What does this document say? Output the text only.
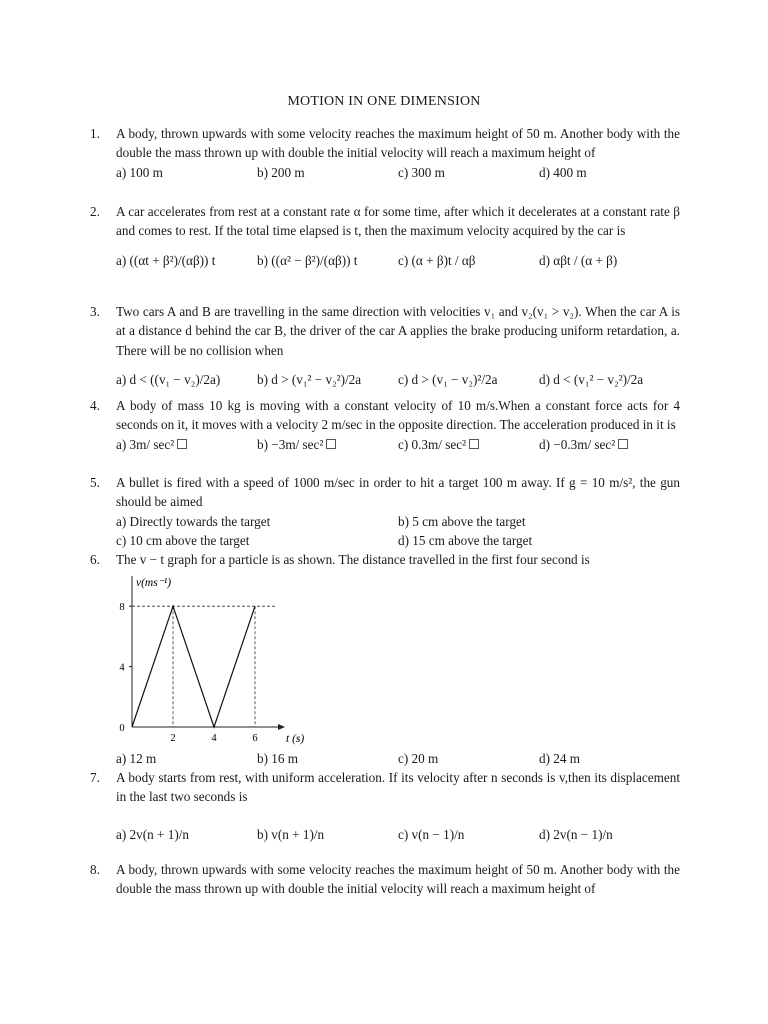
MOTION IN ONE DIMENSION
1. A body, thrown upwards with some velocity reaches the maximum height of 50 m. Another body with the double the mass thrown up with double the initial velocity will reach a maximum height of
a) 100 m	b) 200 m	c) 300 m	d) 400 m
2. A car accelerates from rest at a constant rate α for some time, after which it decelerates at a constant rate β and comes to rest. If the total time elapsed is t, then the maximum velocity acquired by the car is
a) ((αt + β²)/(αβ)) t	b) ((α² − β²)/(αβ)) t	c) (α + β)t / αβ	d) αβt / (α + β)
3. Two cars A and B are travelling in the same direction with velocities v₁ and v₂(v₁ > v₂). When the car A is at a distance d behind the car B, the driver of the car A applies the brake producing uniform retardation, a. There will be no collision when
a) d < ((v₁ − v₂)/2a)	b) d > (v₁² − v₂²)/2a	c) d > (v₁ − v₂)²/2a	d) d < (v₁² − v₂²)/2a
4. A body of mass 10 kg is moving with a constant velocity of 10 m/s.When a constant force acts for 4 seconds on it, it moves with a velocity 2 m/sec in the opposite direction. The acceleration produced in it is
a) 3m/ sec²	b) −3m/ sec²	c) 0.3m/ sec²	d) −0.3m/ sec²
5. A bullet is fired with a speed of 1000 m/sec in order to hit a target 100 m away. If g = 10 m/s², the gun should be aimed
a) Directly towards the target	b) 5 cm above the target
c) 10 cm above the target	d) 15 cm above the target
6. The v − t graph for a particle is as shown. The distance travelled in the first four second is
v(ms⁻¹)
t (s)
8
4
0
2	4	6
a) 12 m	b) 16 m	c) 20 m	d) 24 m
7. A body starts from rest, with uniform acceleration. If its velocity after n seconds is v,then its displacement in the last two seconds is
a) 2v(n + 1)/n	b) v(n + 1)/n	c) v(n − 1)/n	d) 2v(n − 1)/n
8. A body, thrown upwards with some velocity reaches the maximum height of 50 m. Another body with the double the mass thrown up with double the initial velocity will reach a maximum height of
